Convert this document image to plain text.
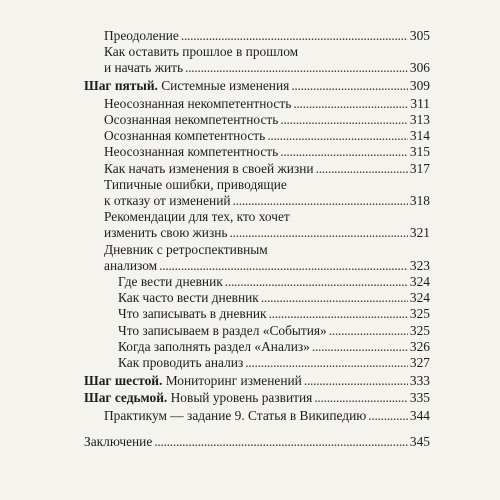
Преодоление . . .	305
Как оставить прошлое в прошлом
и начать жить . . .	306
Шаг пятый. Системные изменения . . .	309
Неосознанная некомпетентность . . .	311
Осознанная некомпетентность . . .	313
Осознанная компетентность . . .	314
Неосознанная компетентность . . .	315
Как начать изменения в своей жизни . . .	317
Типичные ошибки, приводящие
к отказу от изменений . . .	318
Рекомендации для тех, кто хочет
изменить свою жизнь . . .	321
Дневник с ретроспективным
анализом . . .	323
Где вести дневник . . .	324
Как часто вести дневник . . .	324
Что записывать в дневник . . .	325
Что записываем в раздел «События» . . .	325
Когда заполнять раздел «Анализ» . . .	326
Как проводить анализ . . .	327
Шаг шестой. Мониторинг изменений . . .	333
Шаг седьмой. Новый уровень развития . . .	335
Практикум — задание 9. Статья в Википедию . . .	344
Заключение . . .	345
